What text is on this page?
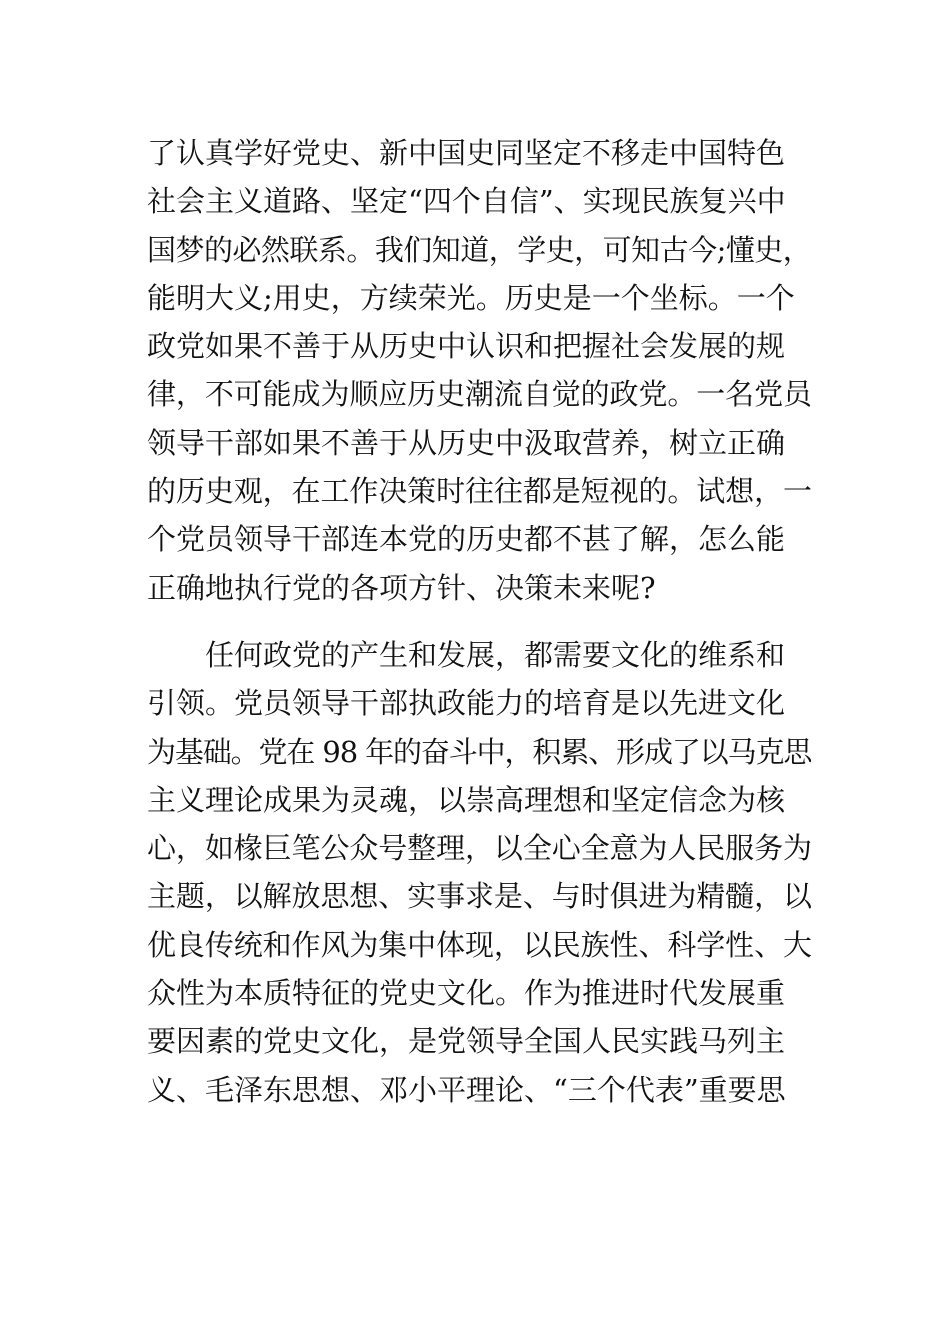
了认真学好党史、新中国史同坚定不移走中国特色
社会主义道路、坚定“四个自信”、实现民族复兴中
国梦的必然联系。我们知道，学史，可知古今;懂史，
能明大义;用史，方续荣光。历史是一个坐标。一个
政党如果不善于从历史中认识和把握社会发展的规
律，不可能成为顺应历史潮流自觉的政党。一名党员
领导干部如果不善于从历史中汲取营养，树立正确
的历史观，在工作决策时往往都是短视的。试想，一
个党员领导干部连本党的历史都不甚了解，怎么能
正确地执行党的各项方针、决策未来呢?
　　任何政党的产生和发展，都需要文化的维系和
引领。党员领导干部执政能力的培育是以先进文化
为基础。党在 98 年的奋斗中，积累、形成了以马克思
主义理论成果为灵魂，以崇高理想和坚定信念为核
心，如椽巨笔公众号整理，以全心全意为人民服务为
主题，以解放思想、实事求是、与时俱进为精髓，以
优良传统和作风为集中体现，以民族性、科学性、大
众性为本质特征的党史文化。作为推进时代发展重
要因素的党史文化，是党领导全国人民实践马列主
义、毛泽东思想、邓小平理论、“三个代表”重要思
